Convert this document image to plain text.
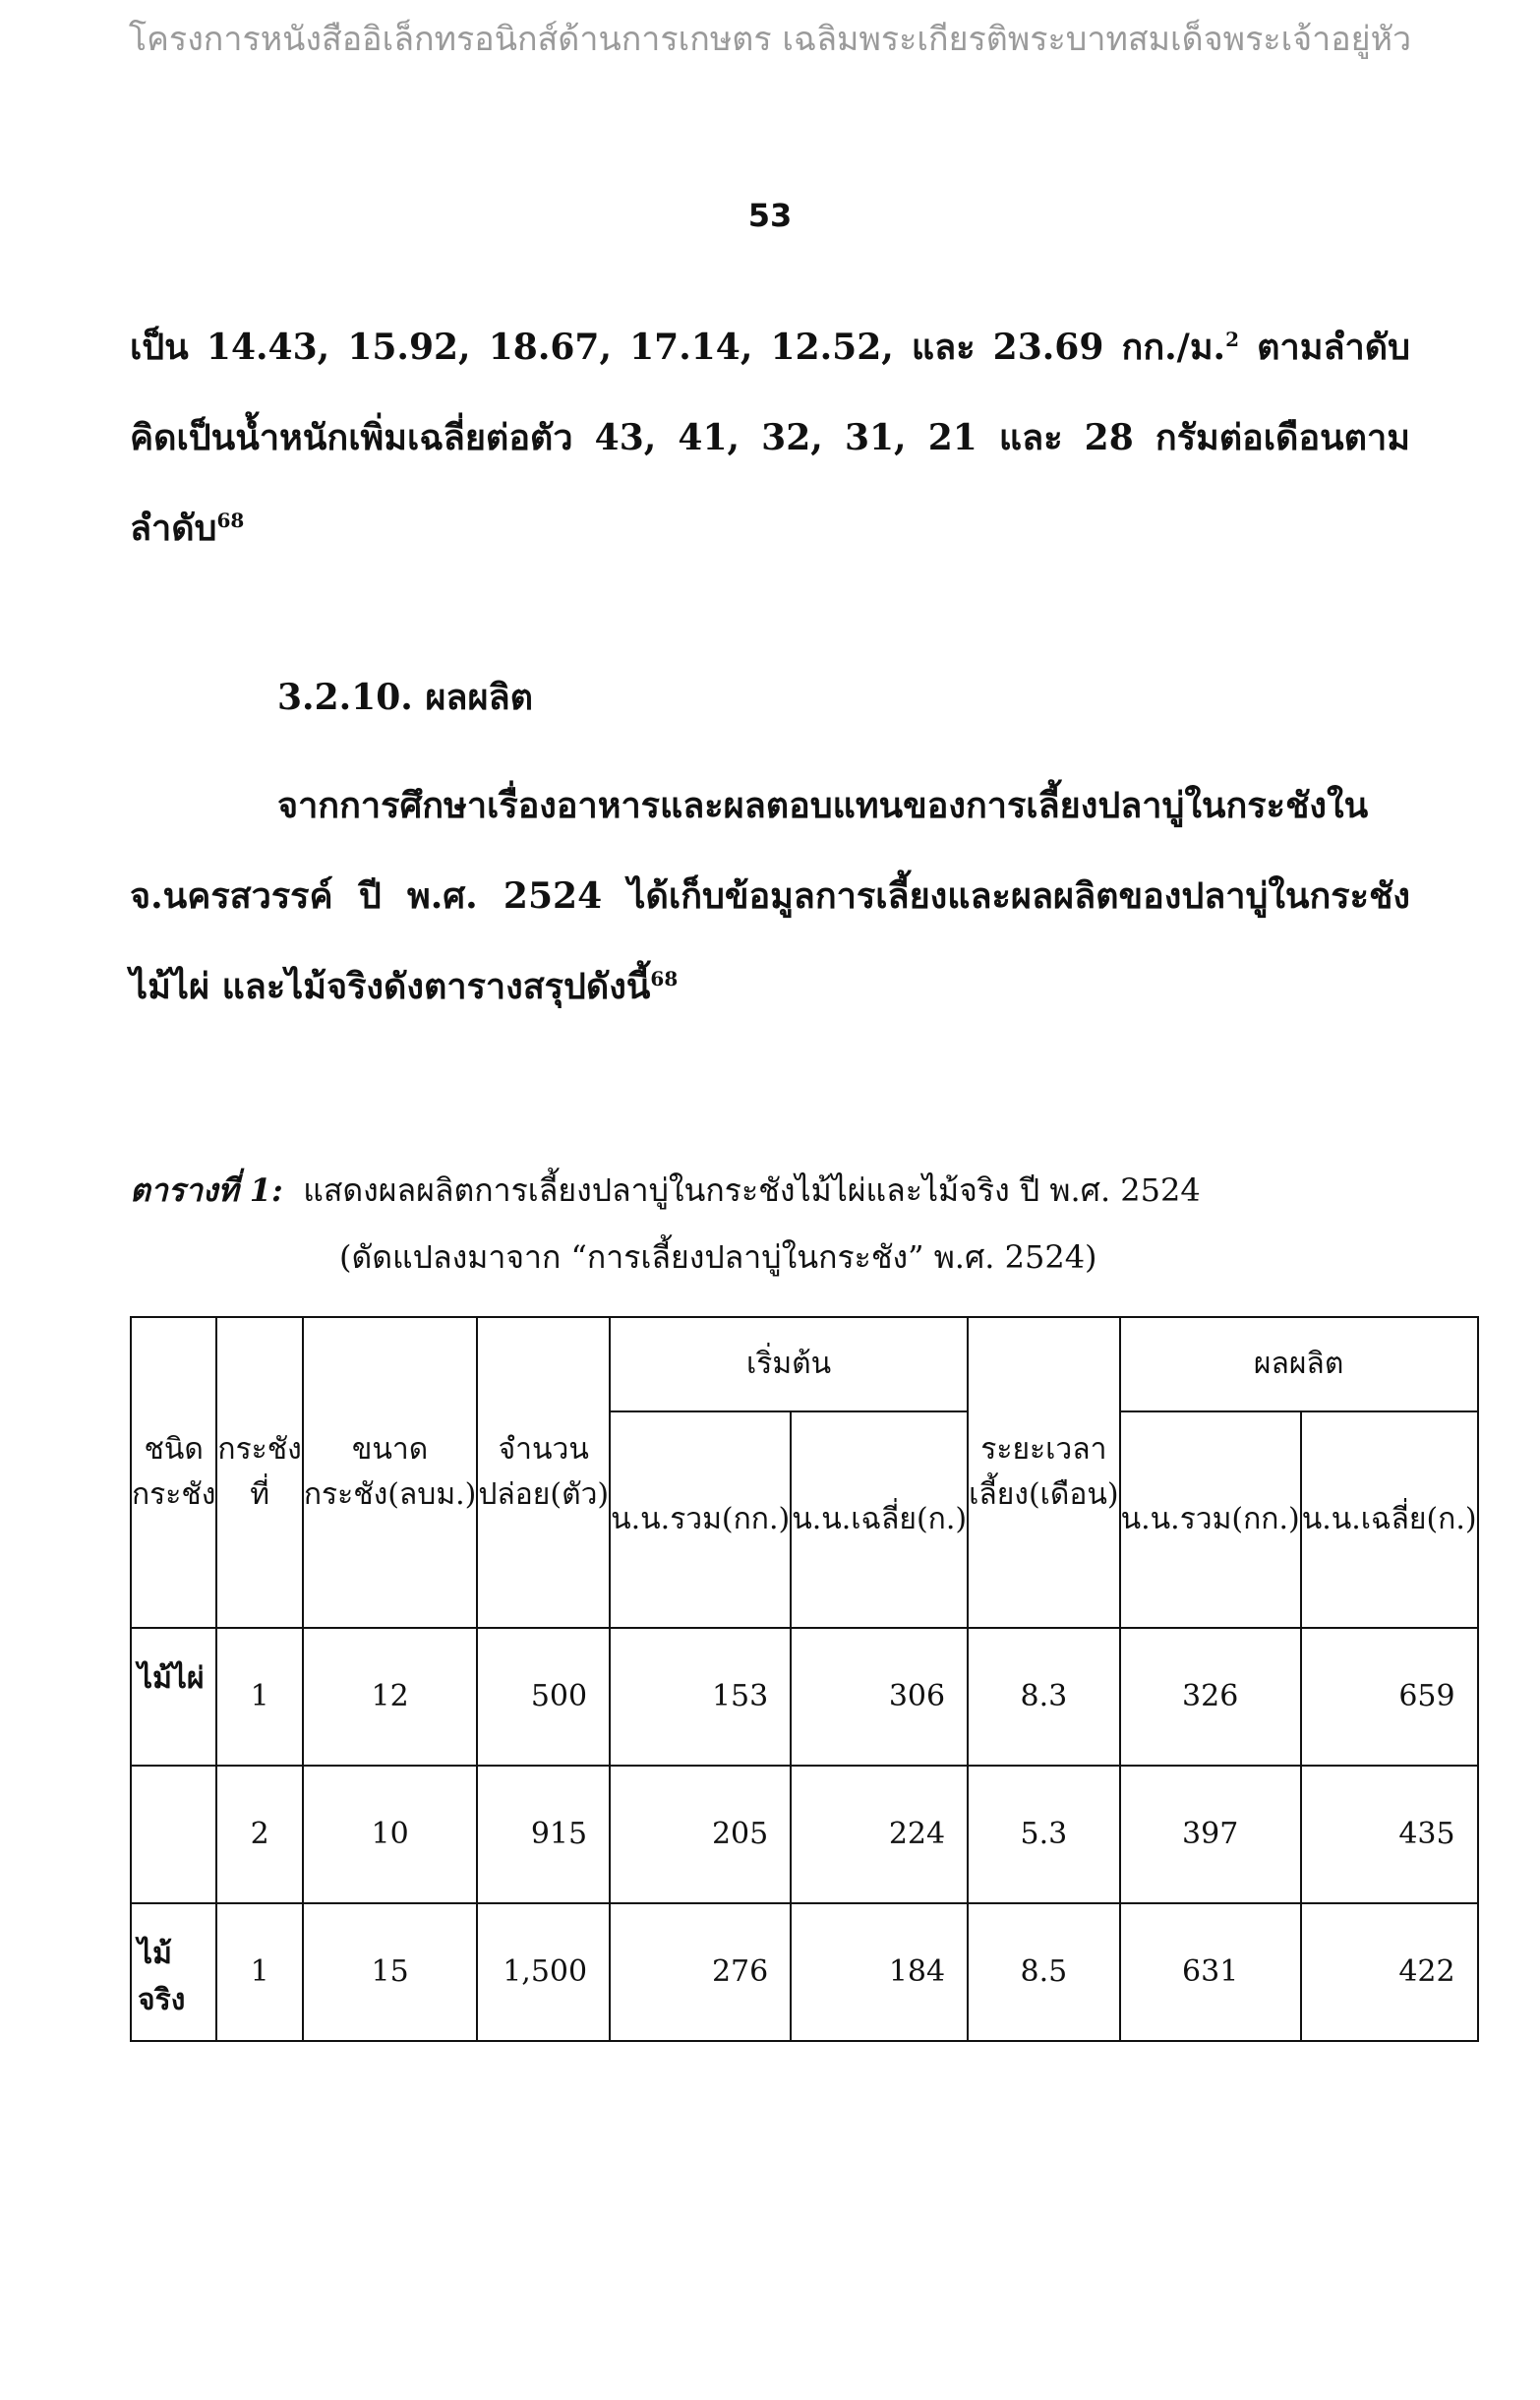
โครงการหนังสืออิเล็กทรอนิกส์ด้านการเกษตร เฉลิมพระเกียรติพระบาทสมเด็จพระเจ้าอยู่หัว
53
เป็น 14.43, 15.92, 18.67, 17.14, 12.52, และ 23.69 กก./ม.$^2$ ตามลำดับ คิดเป็นน้ำหนักเพิ่มเฉลี่ยต่อตัว 43, 41, 32, 31, 21 และ 28 กรัมต่อเดือนตามลำดับ$^{68}$
3.2.10. ผลผลิต
จากการศึกษาเรื่องอาหารและผลตอบแทนของการเลี้ยงปลาบู่ในกระชังใน จ.นครสวรรค์ ปี พ.ศ. 2524 ได้เก็บข้อมูลการเลี้ยงและผลผลิตของปลาบู่ในกระชังไม้ไผ่ และไม้จริงดังตารางสรุปดังนี้$^{68}$
ตารางที่ 1: แสดงผลผลิตการเลี้ยงปลาบู่ในกระชังไม้ไผ่และไม้จริง ปี พ.ศ. 2524
(ดัดแปลงมาจาก “การเลี้ยงปลาบู่ในกระชัง” พ.ศ. 2524)
ชนิดกระชัง	กระชังที่	ขนาดกระชัง(ลบม.)	จำนวนปล่อย(ตัว)	เริ่มต้น		ระยะเวลาเลี้ยง(เดือน)	ผลผลิต	
				น.น.รวม(กก.)	น.น.เฉลี่ย(ก.)		น.น.รวม(กก.)	น.น.เฉลี่ย(ก.)
ไม้ไผ่	1	12	500	153	306	8.3	326	659
	2	10	915	205	224	5.3	397	435
ไม้จริง	1	15	1,500	276	184	8.5	631	422
